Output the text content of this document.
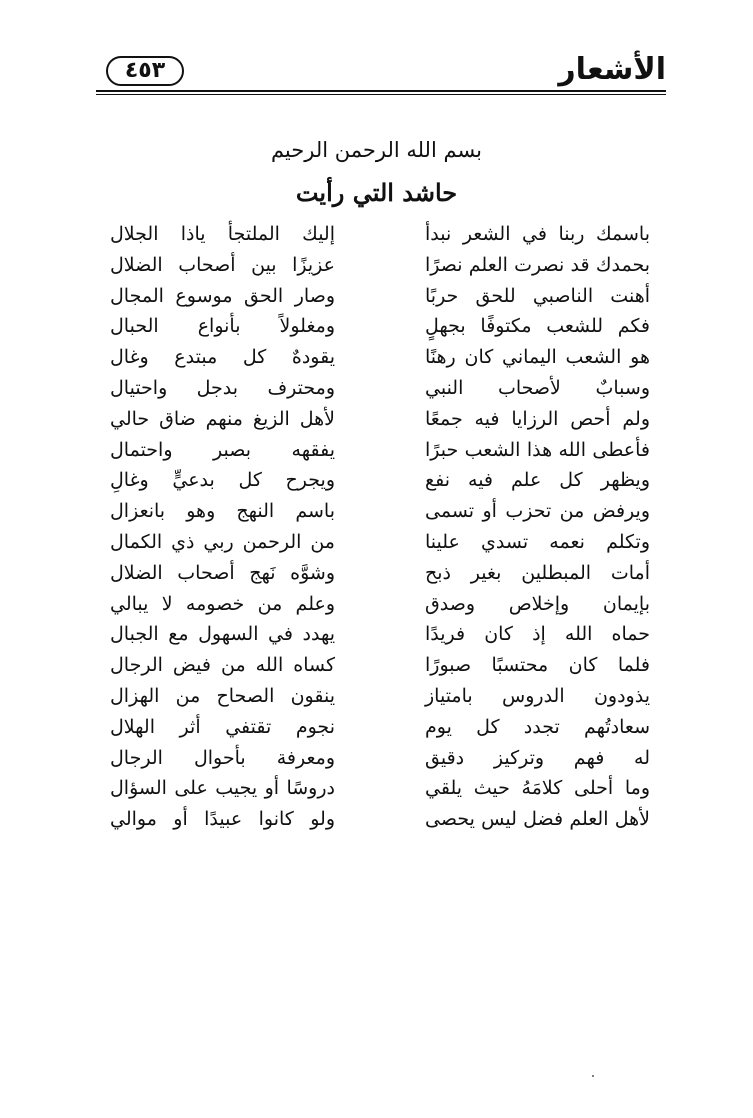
الأشعار
٤٥٣
بسم الله الرحمن الرحيم
حاشد التي رأيت
باسمك ربنا في الشعر نبدأ
إليك الملتجأ ياذا الجلال
بحمدك قد نصرت العلم نصرًا
عزيزًا بين أصحاب الضلال
أهنت الناصبي للحق حربًا
وصار الحق موسوع المجال
فكم للشعب مكتوفًا بجهلٍ
ومغلولاً بأنواع الحبال
هو الشعب اليماني كان رهنًا
يقودهٌ كل مبتدع وغال
وسبابٌ لأصحاب النبي
ومحترف بدجل واحتيال
ولم أحص الرزايا فيه جمعًا
لأهل الزيغ منهم ضاق حالي
فأعطى الله هذا الشعب حبرًا
يفقهه بصبر واحتمال
ويظهر كل علم فيه نفع
ويجرح كل بدعيٍّ وغالِ
ويرفض من تحزب أو تسمى
باسم النهج وهو بانعزال
وتكلم نعمه تسدي علينا
من الرحمن ربي ذي الكمال
أمات المبطلين بغير ذبح
وشوَّه نَهج أصحاب الضلال
بإيمان وإخلاص وصدق
وعلم من خصومه لا يبالي
حماه الله إذ كان فريدًا
يهدد في السهول مع الجبال
فلما كان محتسبًا صبورًا
كساه الله من فيض الرجال
يذودون الدروس بامتياز
ينقون الصحاح من الهزال
سعادتُهم تجدد كل يوم
نجوم تقتفي أثر الهلال
له فهم وتركيز دقيق
ومعرفة بأحوال الرجال
وما أحلى كلامَهُ حيث يلقي
دروسًا أو يجيب على السؤال
لأهل العلم فضل ليس يحصى
ولو كانوا عبيدًا أو موالي
